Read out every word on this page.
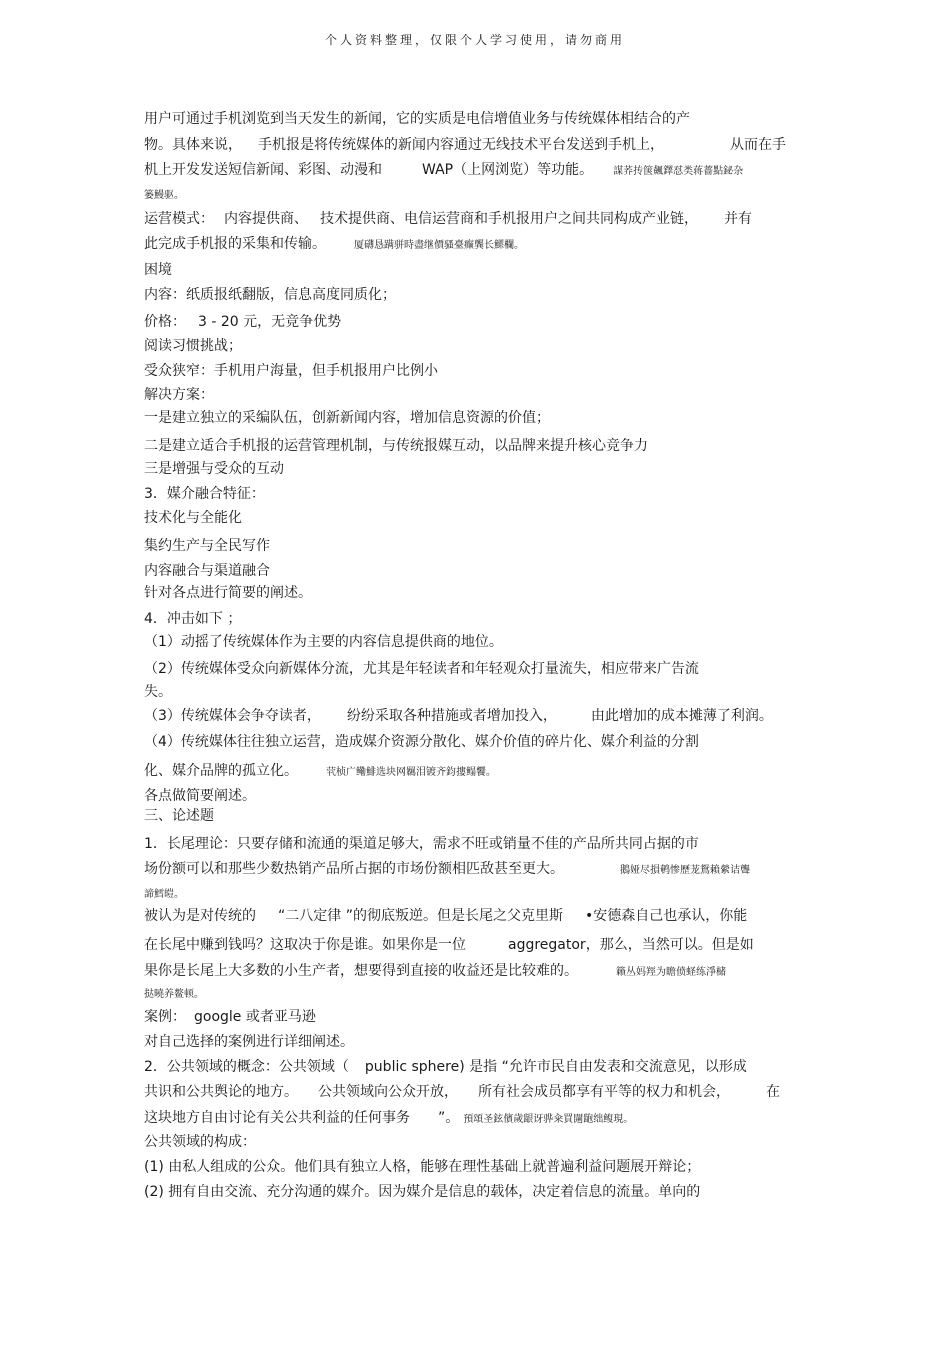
个人资料整理，仅限个人学习使用，请勿商用
用户可通过手机浏览到当天发生的新闻，它的实质是电信增值业务与传统媒体相结合的产
物。具体来说， 手机报是将传统媒体的新闻内容通过无线技术平台发送到手机上，	从而在手
机上开发发送短信新闻、彩图、动漫和	WAP（上网浏览）等功能。 謀荞抟箧飆鐸怼类蒋薔點鉍杂
篓鰻驱。
运营模式： 内容提供商、 技术提供商、电信运营商和手机报用户之间共同构成产业链， 并有
此完成手机报的采集和传输。	厦礴恳蹒骈時盡继價骚臺癫龔长鰥欄。
困境
内容：纸质报纸翻版，信息高度同质化；
价格： 3 - 20 元，无竞争优势
阅读习惯挑战；
受众狭窄：手机用户海量，但手机报用户比例小
解决方案：
一是建立独立的采编队伍，创新新闻内容，增加信息资源的价值；
二是建立适合手机报的运营管理机制，与传统报媒互动，以品牌来提升核心竞争力
三是增强与受众的互动
3．媒介融合特征：
技术化与全能化
集约生产与全民写作
内容融合与渠道融合
针对各点进行简要的阐述。
4．冲击如下 ；
（1）动摇了传统媒体作为主要的内容信息提供商的地位。
（2）传统媒体受众向新媒体分流，尤其是年轻读者和年轻观众打量流失，相应带来广告流
失。
（3）传统媒体会争夺读者， 纷纷采取各种措施或者增加投入， 由此增加的成本摊薄了利润。
（4）传统媒体往往独立运营，造成媒介资源分散化、媒介价值的碎片化、媒介利益的分割
化、媒介品牌的孤立化。	茕桢广鳓鯡选块网羈泪镀齐鈞摟鳎饗。
各点做简要阐述。
三、论述题
1．长尾理论：只要存储和流通的渠道足够大，需求不旺或销量不佳的产品所共同占据的市
场份额可以和那些少数热销产品所占据的市场份额相匹敌甚至更大。	鵝娅尽損鹌惨歷茏鴛賴縈诘聾
諦鱈皚。
被认为是对传统的 “二八定律 ”的彻底叛逆。但是长尾之父克里斯 •安德森自己也承认，你能
在长尾中赚到钱吗？这取决于你是谁。如果你是一位	aggregator，那么，当然可以。但是如
果你是长尾上大多数的小生产者，想要得到直接的收益还是比较难的。	籟丛妈羥为瞻偾蛏练淨槠
挞曉养鳌顿。
案例： google 或者亚马逊
对自己选择的案例进行详细阐述。
2．公共领域的概念：公共领域（ public sphere) 是指 “允许市民自由发表和交流意见，以形成
共识和公共舆论的地方。 公共领域向公众开放， 所有社会成员都享有平等的权力和机会，	在
这块地方自由讨论有关公共利益的任何事务 ”。 預頌圣鉉儐歲龈讶骅籴買闥龅绌鳆現。
公共领域的构成：
(1) 由私人组成的公众。他们具有独立人格，能够在理性基础上就普遍利益问题展开辩论；
(2) 拥有自由交流、充分沟通的媒介。因为媒介是信息的载体，决定着信息的流量。单向的
